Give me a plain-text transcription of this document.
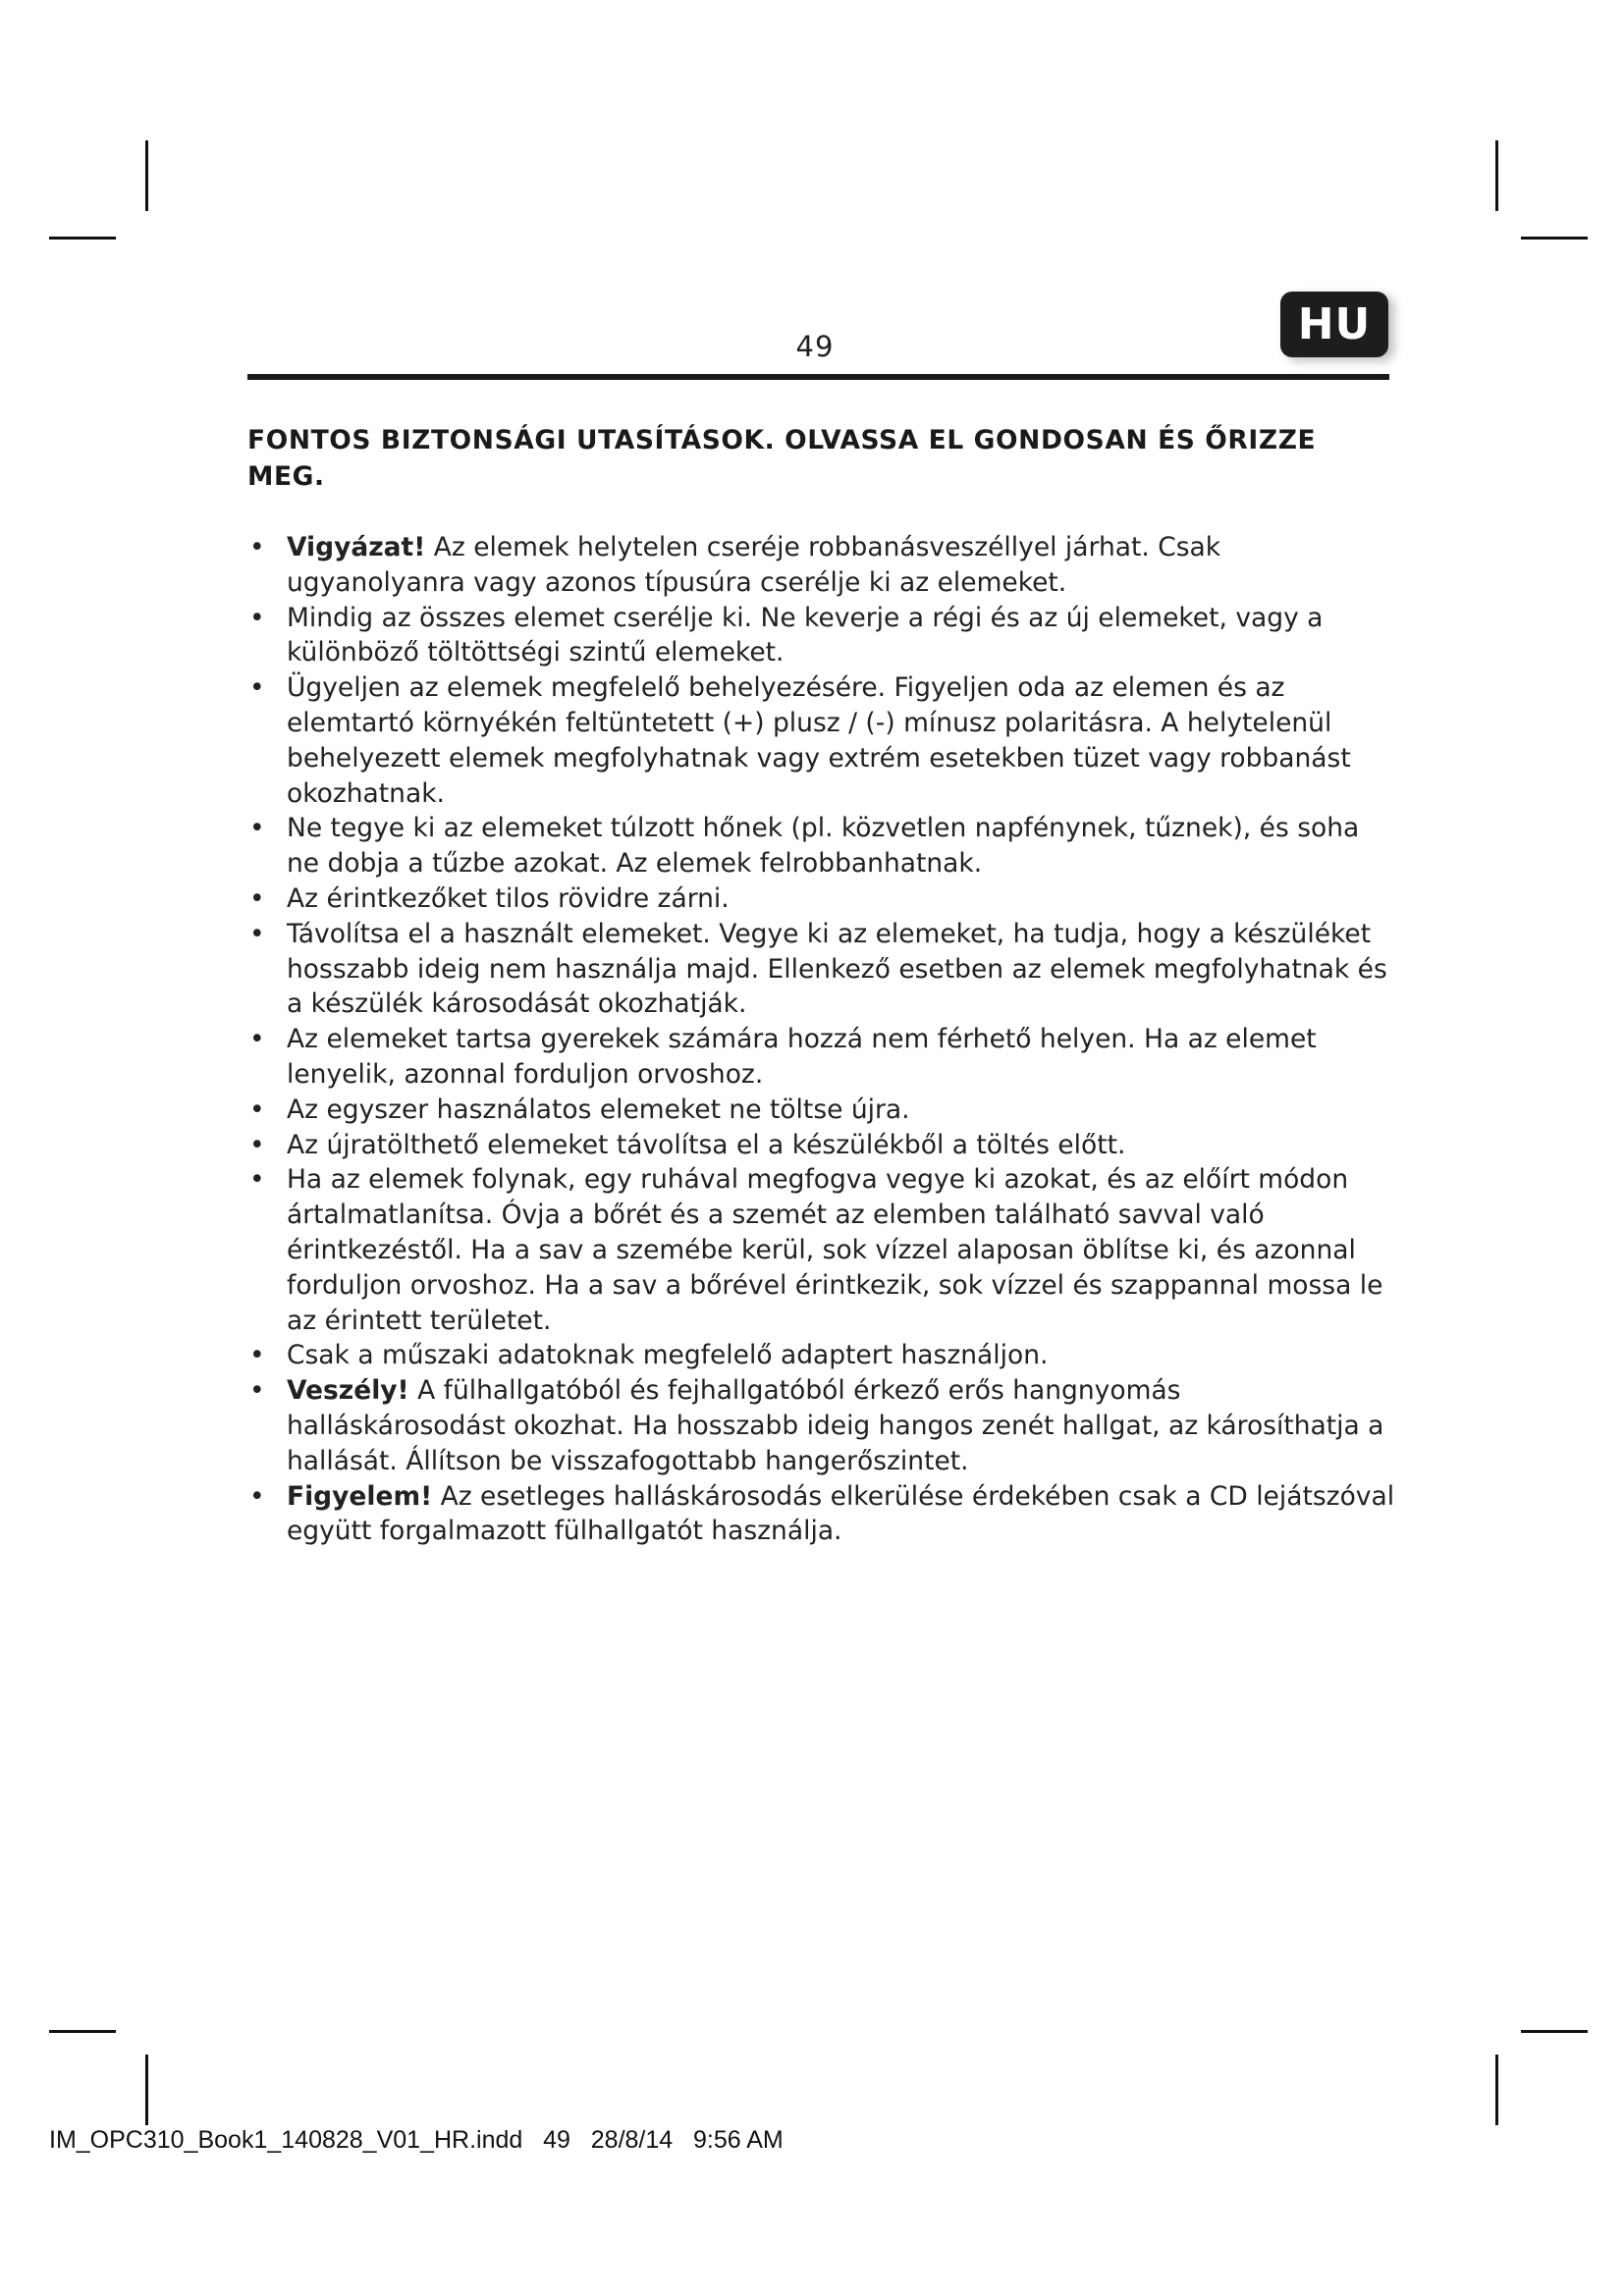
49	HU
FONTOS BIZTONSÁGI UTASÍTÁSOK. OLVASSA EL GONDOSAN ÉS ŐRIZZE MEG.
• Vigyázat! Az elemek helytelen cseréje robbanásveszéllyel járhat. Csak ugyanolyanra vagy azonos típusúra cserélje ki az elemeket.
• Mindig az összes elemet cserélje ki. Ne keverje a régi és az új elemeket, vagy a különböző töltöttségi szintű elemeket.
• Ügyeljen az elemek megfelelő behelyezésére. Figyeljen oda az elemen és az elemtartó környékén feltüntetett (+) plusz / (-) mínusz polaritásra. A helytelenül behelyezett elemek megfolyhatnak vagy extrém esetekben tüzet vagy robbanást okozhatnak.
• Ne tegye ki az elemeket túlzott hőnek (pl. közvetlen napfénynek, tűznek), és soha ne dobja a tűzbe azokat. Az elemek felrobbanhatnak.
• Az érintkezőket tilos rövidre zárni.
• Távolítsa el a használt elemeket. Vegye ki az elemeket, ha tudja, hogy a készüléket hosszabb ideig nem használja majd. Ellenkező esetben az elemek megfolyhatnak és a készülék károsodását okozhatják.
• Az elemeket tartsa gyerekek számára hozzá nem férhető helyen. Ha az elemet lenyelik, azonnal forduljon orvoshoz.
• Az egyszer használatos elemeket ne töltse újra.
• Az újratölthető elemeket távolítsa el a készülékből a töltés előtt.
• Ha az elemek folynak, egy ruhával megfogva vegye ki azokat, és az előírt módon ártalmatlanítsa. Óvja a bőrét és a szemét az elemben található savval való érintkezéstől. Ha a sav a szemébe kerül, sok vízzel alaposan öblítse ki, és azonnal forduljon orvoshoz. Ha a sav a bőrével érintkezik, sok vízzel és szappannal mossa le az érintett területet.
• Csak a műszaki adatoknak megfelelő adaptert használjon.
• Veszély! A fülhallgatóból és fejhallgatóból érkező erős hangnyomás halláskárosodást okozhat. Ha hosszabb ideig hangos zenét hallgat, az károsíthatja a hallását. Állítson be visszafogottabb hangerőszintet.
• Figyelem! Az esetleges halláskárosodás elkerülése érdekében csak a CD lejátszóval együtt forgalmazott fülhallgatót használja.
IM_OPC310_Book1_140828_V01_HR.indd   49   28/8/14   9:56 AM
